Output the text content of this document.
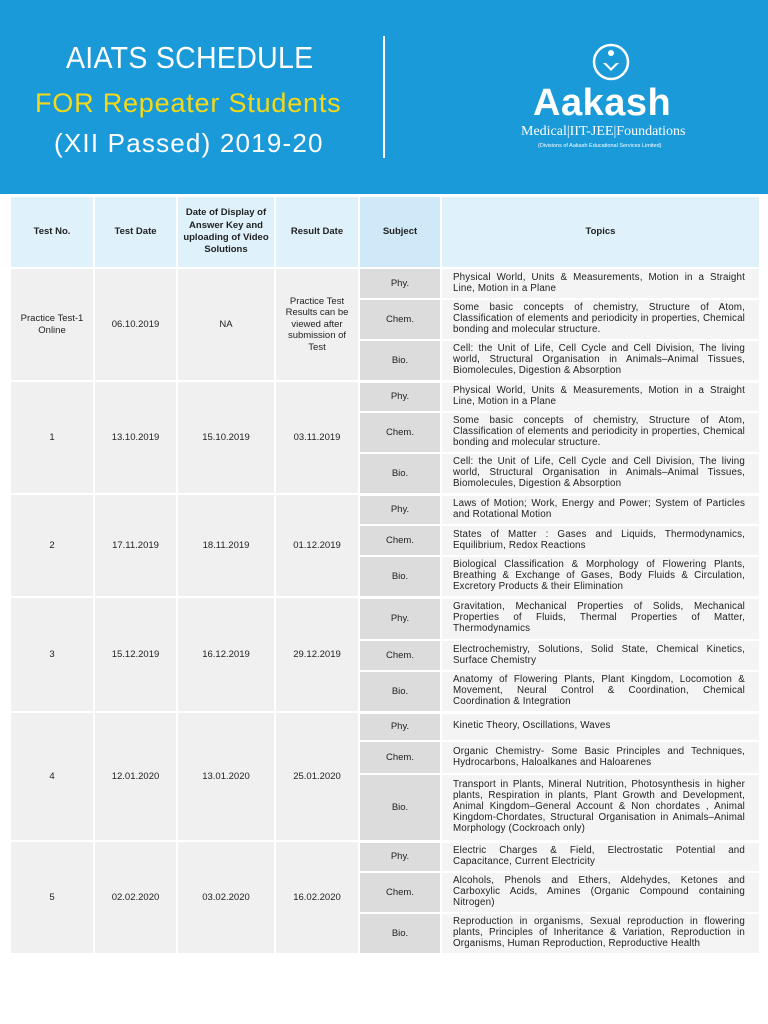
AIATS SCHEDULE
FOR Repeater Students
(XII Passed) 2019-20
Aakash
Medical|IIT-JEE|Foundations
(Divisions of Aakash Educational Services Limited)
Test No.	Test Date	Date of Display of Answer Key and uploading of Video Solutions	Result Date	Subject	Topics
Practice Test-1 Online	06.10.2019	NA	Practice Test Results can be viewed after submission of Test	Phy.	Physical World, Units & Measurements, Motion in a Straight Line, Motion in a Plane
				Chem.	Some basic concepts of chemistry, Structure of Atom, Classification of elements and periodicity in properties, Chemical bonding and molecular structure.
				Bio.	Cell: the Unit of Life, Cell Cycle and Cell Division, The living world, Structural Organisation in Animals–Animal Tissues, Biomolecules, Digestion & Absorption
1	13.10.2019	15.10.2019	03.11.2019	Phy.	Physical World, Units & Measurements, Motion in a Straight Line, Motion in a Plane
				Chem.	Some basic concepts of chemistry, Structure of Atom, Classification of elements and periodicity in properties, Chemical bonding and molecular structure.
				Bio.	Cell: the Unit of Life, Cell Cycle and Cell Division, The living world, Structural Organisation in Animals–Animal Tissues, Biomolecules, Digestion & Absorption
2	17.11.2019	18.11.2019	01.12.2019	Phy.	Laws of Motion; Work, Energy and Power; System of Particles and Rotational Motion
				Chem.	States of Matter : Gases and Liquids, Thermodynamics, Equilibrium, Redox Reactions
				Bio.	Biological Classification & Morphology of Flowering Plants, Breathing & Exchange of Gases, Body Fluids & Circulation, Excretory Products & their Elimination
3	15.12.2019	16.12.2019	29.12.2019	Phy.	Gravitation, Mechanical Properties of Solids, Mechanical Properties of Fluids, Thermal Properties of Matter, Thermodynamics
				Chem.	Electrochemistry, Solutions, Solid State, Chemical Kinetics, Surface Chemistry
				Bio.	Anatomy of Flowering Plants, Plant Kingdom, Locomotion & Movement, Neural Control & Coordination, Chemical Coordination & Integration
4	12.01.2020	13.01.2020	25.01.2020	Phy.	Kinetic Theory, Oscillations, Waves
				Chem.	Organic Chemistry- Some Basic Principles and Techniques, Hydrocarbons, Haloalkanes and Haloarenes
				Bio.	Transport in Plants, Mineral Nutrition, Photosynthesis in higher plants, Respiration in plants, Plant Growth and Development, Animal Kingdom–General Account & Non chordates , Animal Kingdom-Chordates, Structural Organisation in Animals–Animal Morphology (Cockroach only)
5	02.02.2020	03.02.2020	16.02.2020	Phy.	Electric Charges & Field, Electrostatic Potential and Capacitance, Current Electricity
				Chem.	Alcohols, Phenols and Ethers, Aldehydes, Ketones and Carboxylic Acids, Amines (Organic Compound containing Nitrogen)
				Bio.	Reproduction in organisms, Sexual reproduction in flowering plants, Principles of Inheritance & Variation, Reproduction in Organisms, Human Reproduction, Reproductive Health
